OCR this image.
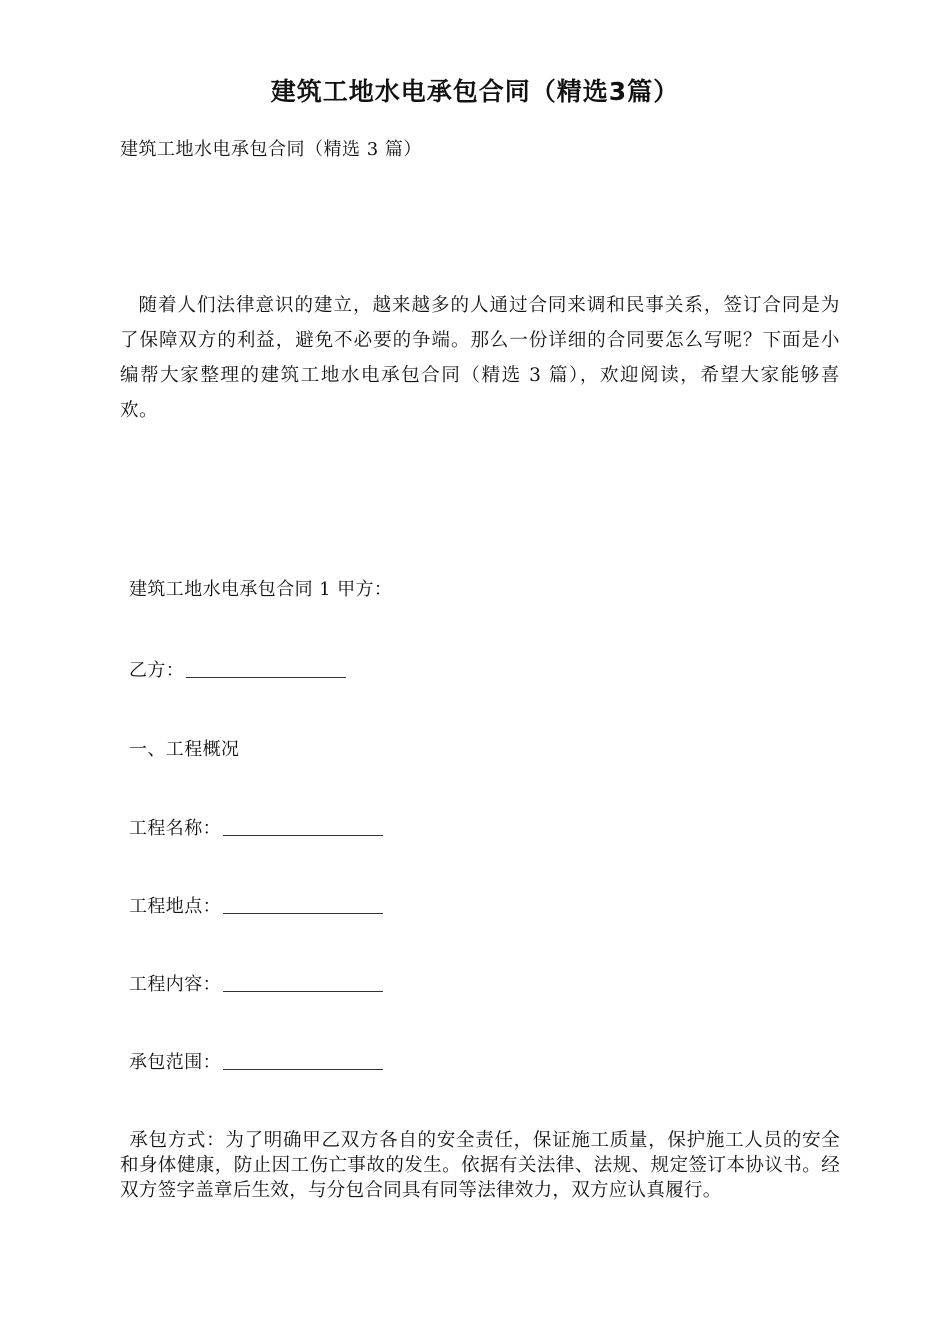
建筑工地水电承包合同（精选3篇）
建筑工地水电承包合同（精选 3 篇）

随着人们法律意识的建立，越来越多的人通过合同来调和民事关系，签订合同是为了保障双方的利益，避免不必要的争端。那么一份详细的合同要怎么写呢？下面是小编帮大家整理的建筑工地水电承包合同（精选 3 篇），欢迎阅读，希望大家能够喜欢。

建筑工地水电承包合同 1 甲方：
乙方：
一、工程概况
工程名称：
工程地点：
工程内容：
承包范围：

承包方式：为了明确甲乙双方各自的安全责任，保证施工质量，保护施工人员的安全和身体健康，防止因工伤亡事故的发生。依据有关法律、法规、规定签订本协议书。经双方签字盖章后生效，与分包合同具有同等法律效力，双方应认真履行。
